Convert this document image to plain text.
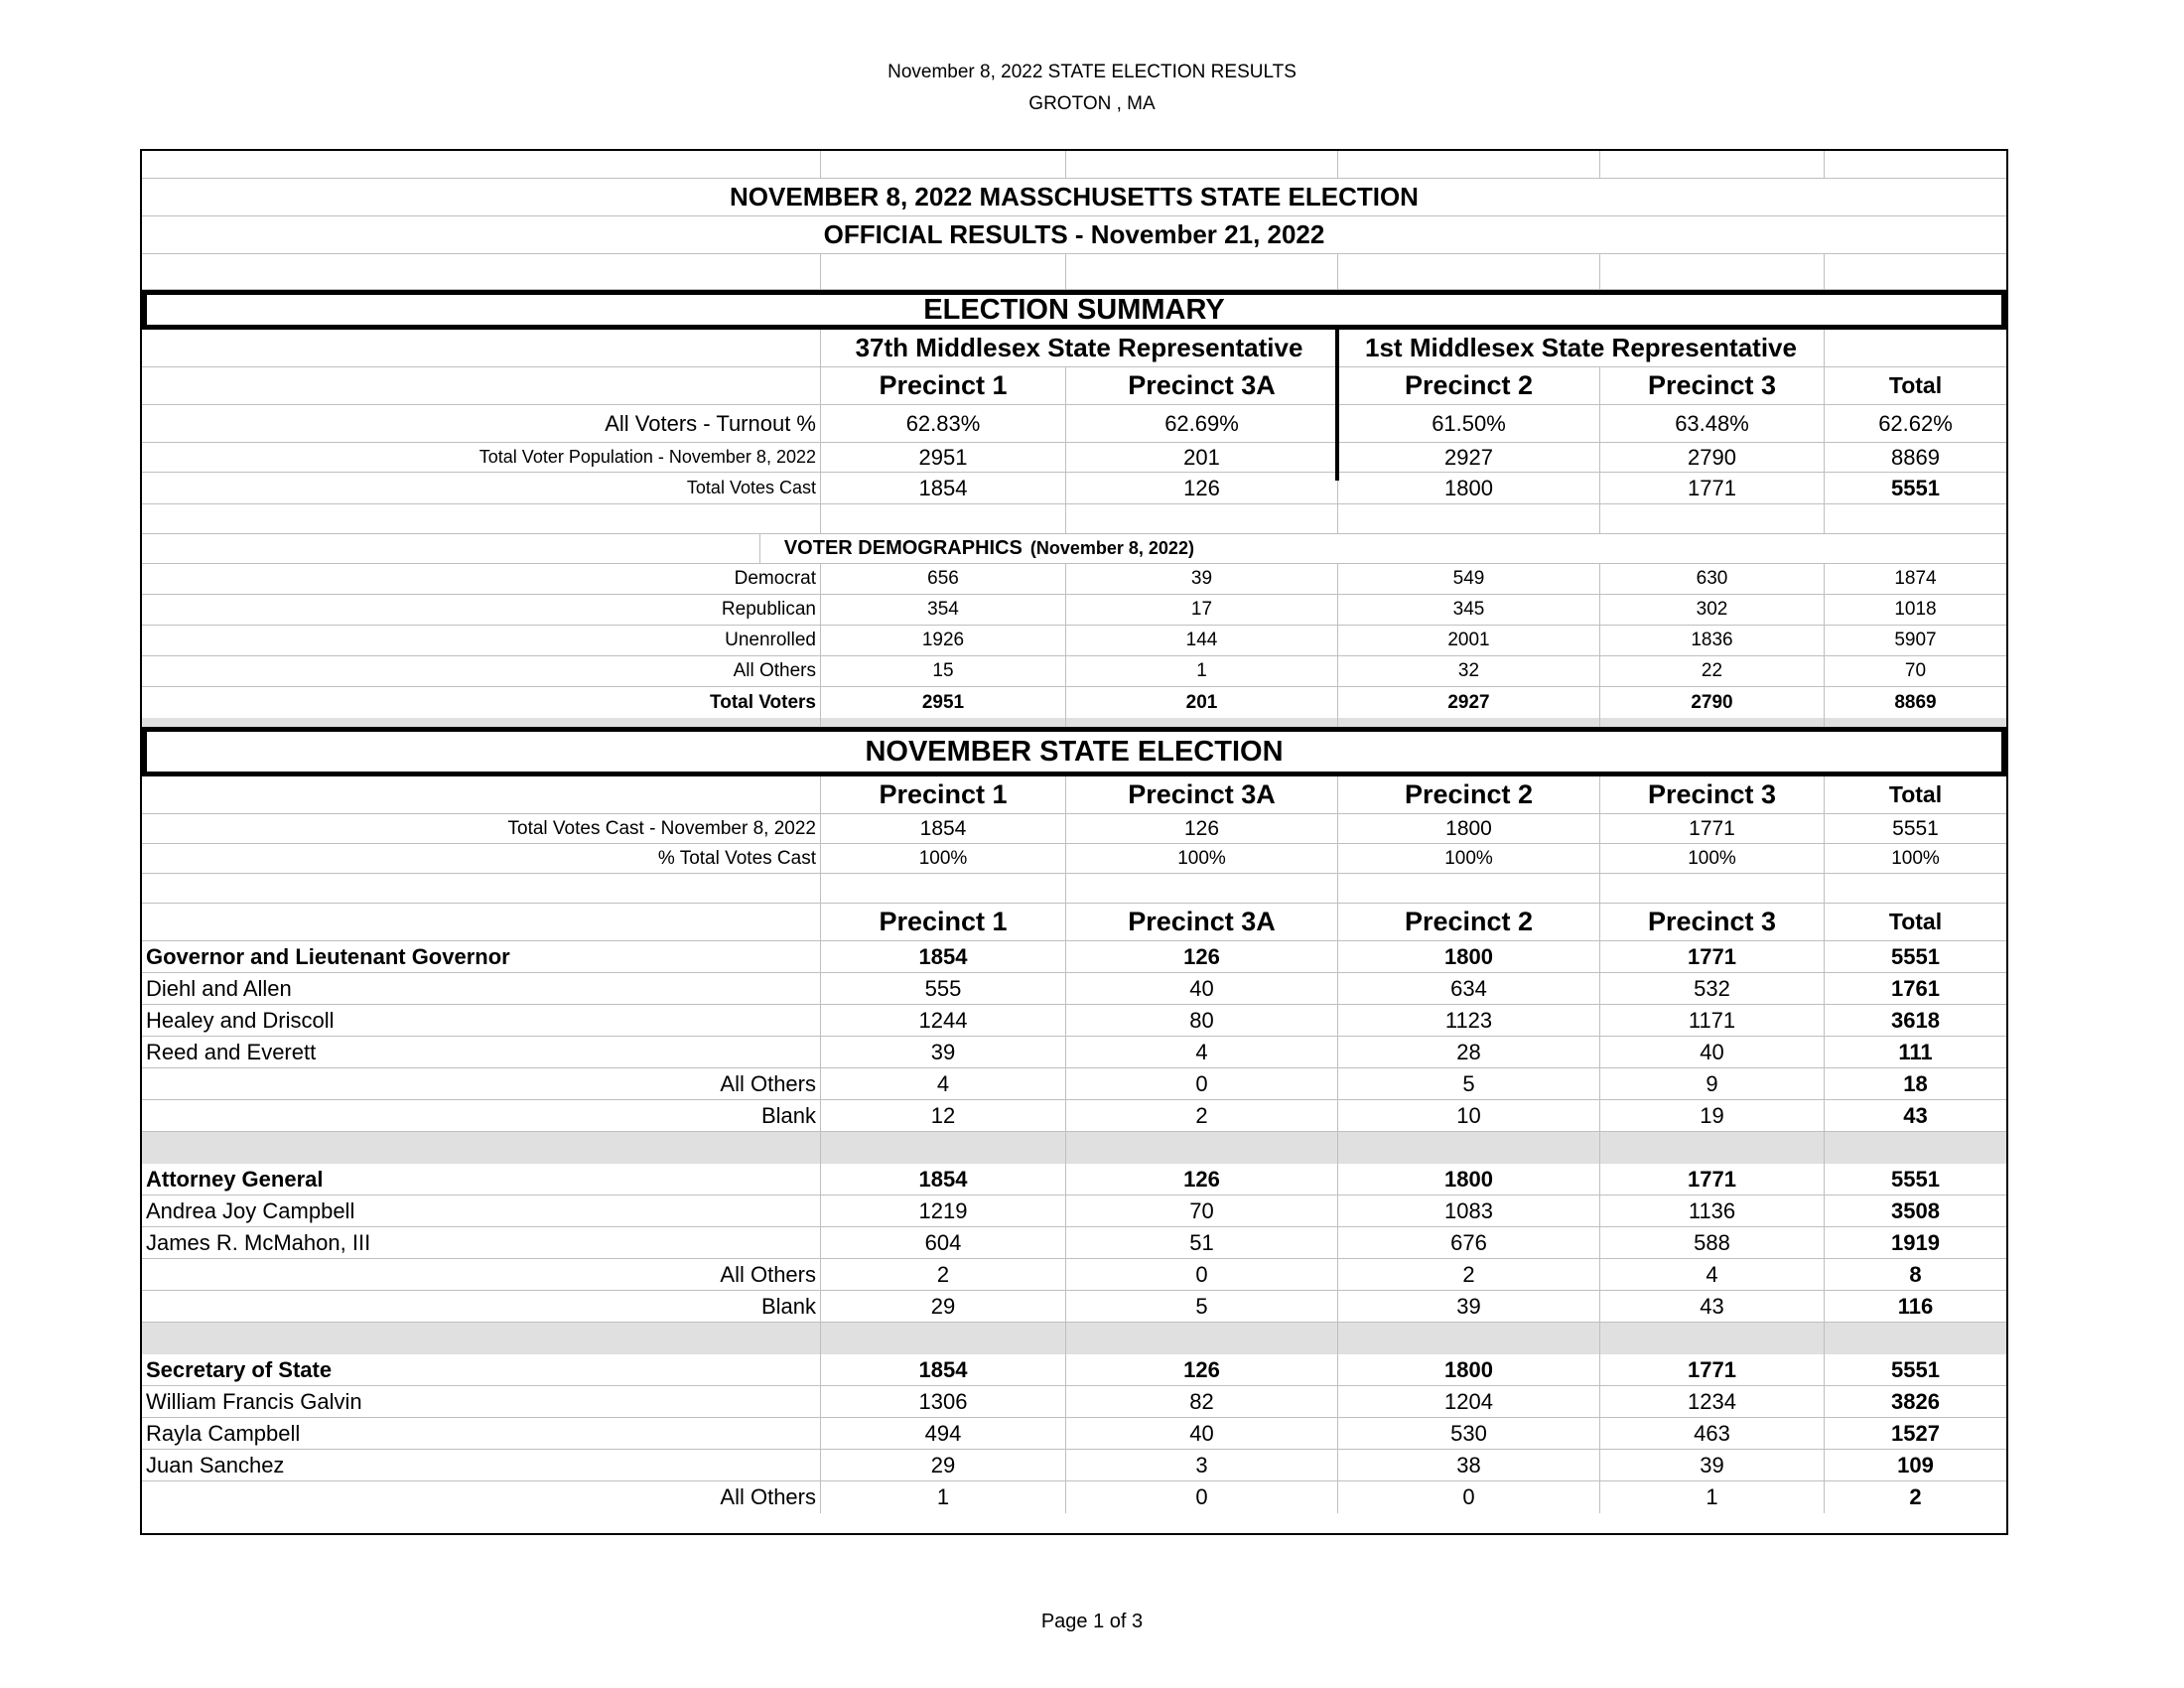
November 8, 2022 STATE ELECTION RESULTS
GROTON , MA
NOVEMBER 8, 2022 MASSCHUSETTS STATE ELECTION
OFFICIAL RESULTS - November 21, 2022
ELECTION SUMMARY
37th Middlesex State Representative	1st Middlesex State Representative
Precinct 1	Precinct 3A	Precinct 2	Precinct 3	Total
All Voters - Turnout %	62.83%	62.69%	61.50%	63.48%	62.62%
Total Voter Population - November 8, 2022	2951	201	2927	2790	8869
Total Votes Cast	1854	126	1800	1771	5551
VOTER DEMOGRAPHICS (November 8, 2022)
Democrat	656	39	549	630	1874
Republican	354	17	345	302	1018
Unenrolled	1926	144	2001	1836	5907
All Others	15	1	32	22	70
Total Voters	2951	201	2927	2790	8869
NOVEMBER STATE ELECTION
Precinct 1	Precinct 3A	Precinct 2	Precinct 3	Total
Total Votes Cast - November 8, 2022	1854	126	1800	1771	5551
% Total Votes Cast	100%	100%	100%	100%	100%
Precinct 1	Precinct 3A	Precinct 2	Precinct 3	Total
Governor and Lieutenant Governor	1854	126	1800	1771	5551
Diehl and Allen	555	40	634	532	1761
Healey and Driscoll	1244	80	1123	1171	3618
Reed and Everett	39	4	28	40	111
All Others	4	0	5	9	18
Blank	12	2	10	19	43
Attorney General	1854	126	1800	1771	5551
Andrea Joy Campbell	1219	70	1083	1136	3508
James R. McMahon, III	604	51	676	588	1919
All Others	2	0	2	4	8
Blank	29	5	39	43	116
Secretary of State	1854	126	1800	1771	5551
William Francis Galvin	1306	82	1204	1234	3826
Rayla Campbell	494	40	530	463	1527
Juan Sanchez	29	3	38	39	109
All Others	1	0	0	1	2
Page 1 of 3
